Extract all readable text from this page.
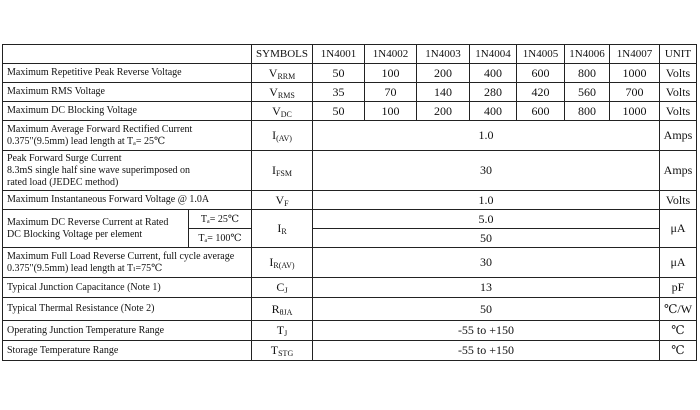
		SYMBOLS	1N4001	1N4002	1N4003	1N4004	1N4005	1N4006	1N4007	UNIT
Maximum Repetitive Peak Reverse Voltage		$V_{RRM}$	50	100	200	400	600	800	1000	Volts
Maximum RMS Voltage		$V_{RMS}$	35	70	140	280	420	560	700	Volts
Maximum DC Blocking Voltage		$V_{DC}$	50	100	200	400	600	800	1000	Volts

Maximum Average Forward Rectified Current
0.375"(9.5mm) lead length at Tₐ= 25℃		$I_{(AV)}$	1.0							Amps

Peak Forward Surge Current
8.3mS single half sine wave superimposed on
rated load (JEDEC method)		$I_{FSM}$	30							Amps
Maximum Instantaneous Forward Voltage @ 1.0A		$V_F$	1.0							Volts

Maximum DC Reverse Current at Rated
DC Blocking Voltage per element	Tₐ= 25℃	$I_R$	5.0							μA
	Tₐ= 100℃		50							

Maximum Full Load Reverse Current, full cycle average
0.375"(9.5mm) lead length at Tₗ=75℃		$I_{R(AV)}$	30							μA
Typical Junction Capacitance (Note 1)		$C_J$	13							pF
Typical Thermal Resistance (Note 2)		$R_{\theta JA}$	50							℃/W
Operating Junction Temperature Range		$T_J$	-55 to +150							℃
Storage Temperature Range		$T_{STG}$	-55 to +150							℃
